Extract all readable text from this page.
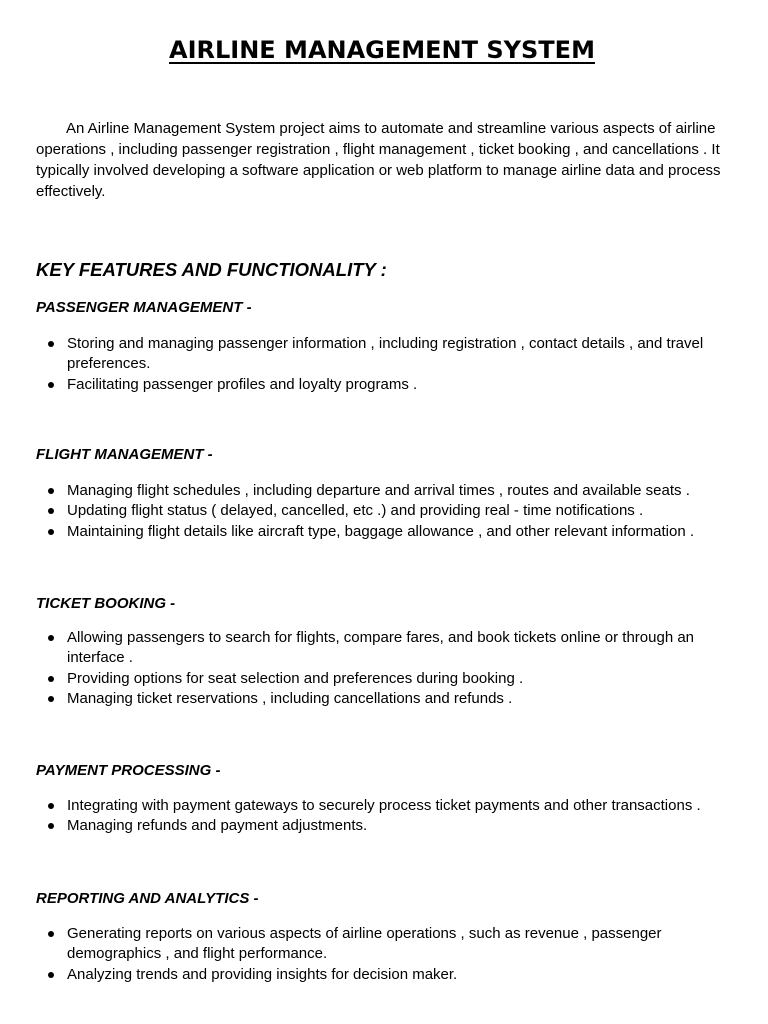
AIRLINE MANAGEMENT SYSTEM

An Airline Management System project aims to automate and streamline various aspects of airline operations , including passenger registration , flight management , ticket booking , and cancellations . It typically involved developing a software application or web platform to manage airline data and process effectively.

KEY FEATURES AND FUNCTIONALITY :
PASSENGER MANAGEMENT -
Storing and managing passenger information , including registration , contact details , and travel preferences.
Facilitating passenger profiles and loyalty programs .
FLIGHT MANAGEMENT -
Managing flight schedules , including departure and arrival times , routes and available seats .
Updating flight status ( delayed, cancelled, etc .) and providing real - time notifications .
Maintaining flight details like aircraft type, baggage allowance , and other relevant information .
TICKET BOOKING -
Allowing passengers to search for flights, compare fares, and book tickets online or through an interface .
Providing options for seat selection and preferences during booking .
Managing ticket reservations , including cancellations and refunds .
PAYMENT PROCESSING -
Integrating with payment gateways to securely process ticket payments and other transactions .
Managing refunds and payment adjustments.
REPORTING AND ANALYTICS -
Generating reports on various aspects of airline operations , such as revenue , passenger demographics , and flight performance.
Analyzing trends and providing insights for decision maker.
